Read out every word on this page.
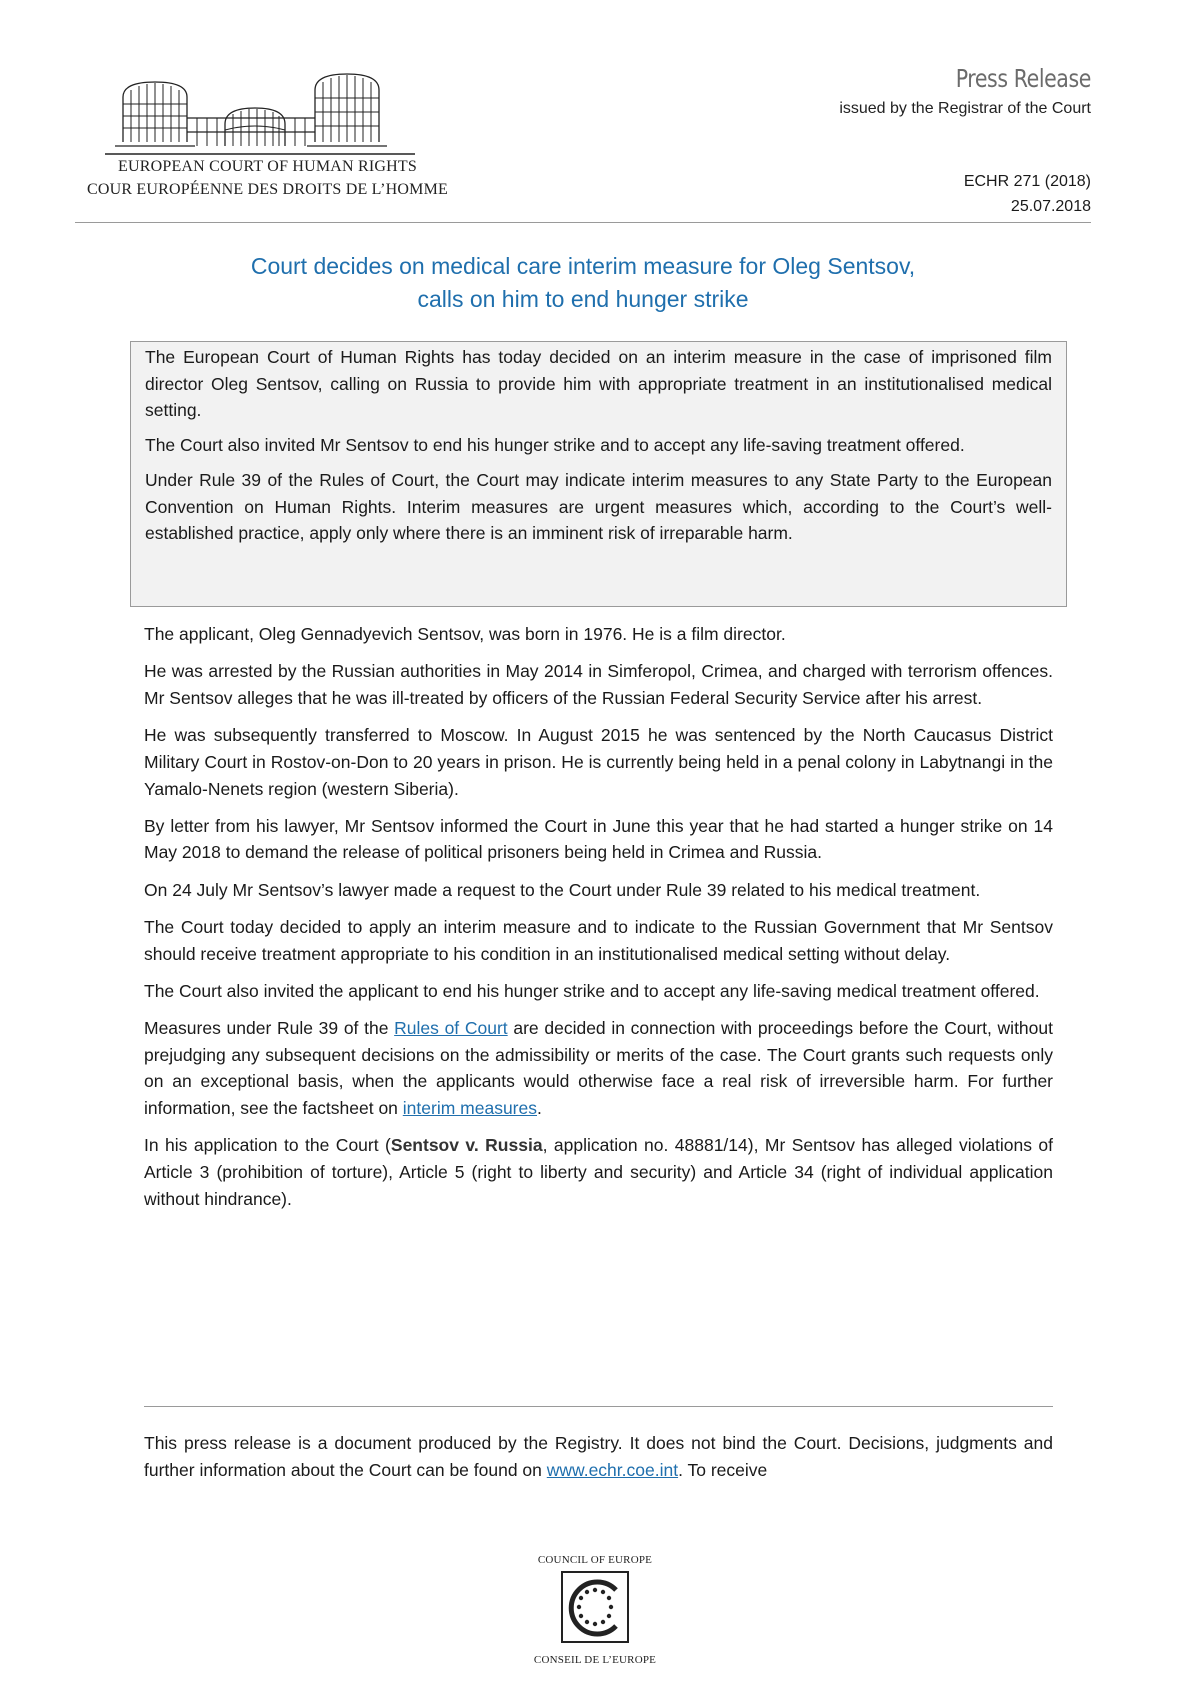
EUROPEAN COURT OF HUMAN RIGHTS
COUR EUROPÉENNE DES DROITS DE L’HOMME
Press Release
issued by the Registrar of the Court
ECHR 271 (2018)
25.07.2018
Court decides on medical care interim measure for Oleg Sentsov,
calls on him to end hunger strike

The European Court of Human Rights has today decided on an interim measure in the case of imprisoned film director Oleg Sentsov, calling on Russia to provide him with appropriate treatment in an institutionalised medical setting.

The Court also invited Mr Sentsov to end his hunger strike and to accept any life-saving treatment offered.

Under Rule 39 of the Rules of Court, the Court may indicate interim measures to any State Party to the European Convention on Human Rights. Interim measures are urgent measures which, according to the Court’s well-established practice, apply only where there is an imminent risk of irreparable harm.

The applicant, Oleg Gennadyevich Sentsov, was born in 1976. He is a film director.

He was arrested by the Russian authorities in May 2014 in Simferopol, Crimea, and charged with terrorism offences. Mr Sentsov alleges that he was ill-treated by officers of the Russian Federal Security Service after his arrest.

He was subsequently transferred to Moscow. In August 2015 he was sentenced by the North Caucasus District Military Court in Rostov-on-Don to 20 years in prison. He is currently being held in a penal colony in Labytnangi in the Yamalo-Nenets region (western Siberia).

By letter from his lawyer, Mr Sentsov informed the Court in June this year that he had started a hunger strike on 14 May 2018 to demand the release of political prisoners being held in Crimea and Russia.

On 24 July Mr Sentsov’s lawyer made a request to the Court under Rule 39 related to his medical treatment.

The Court today decided to apply an interim measure and to indicate to the Russian Government that Mr Sentsov should receive treatment appropriate to his condition in an institutionalised medical setting without delay.

The Court also invited the applicant to end his hunger strike and to accept any life-saving medical treatment offered.

Measures under Rule 39 of the Rules of Court are decided in connection with proceedings before the Court, without prejudging any subsequent decisions on the admissibility or merits of the case. The Court grants such requests only on an exceptional basis, when the applicants would otherwise face a real risk of irreversible harm. For further information, see the factsheet on interim measures.

In his application to the Court (Sentsov v. Russia, application no. 48881/14), Mr Sentsov has alleged violations of Article 3 (prohibition of torture), Article 5 (right to liberty and security) and Article 34 (right of individual application without hindrance).

This press release is a document produced by the Registry. It does not bind the Court. Decisions, judgments and further information about the Court can be found on www.echr.coe.int. To receive

COUNCIL OF EUROPE
CONSEIL DE L’EUROPE
